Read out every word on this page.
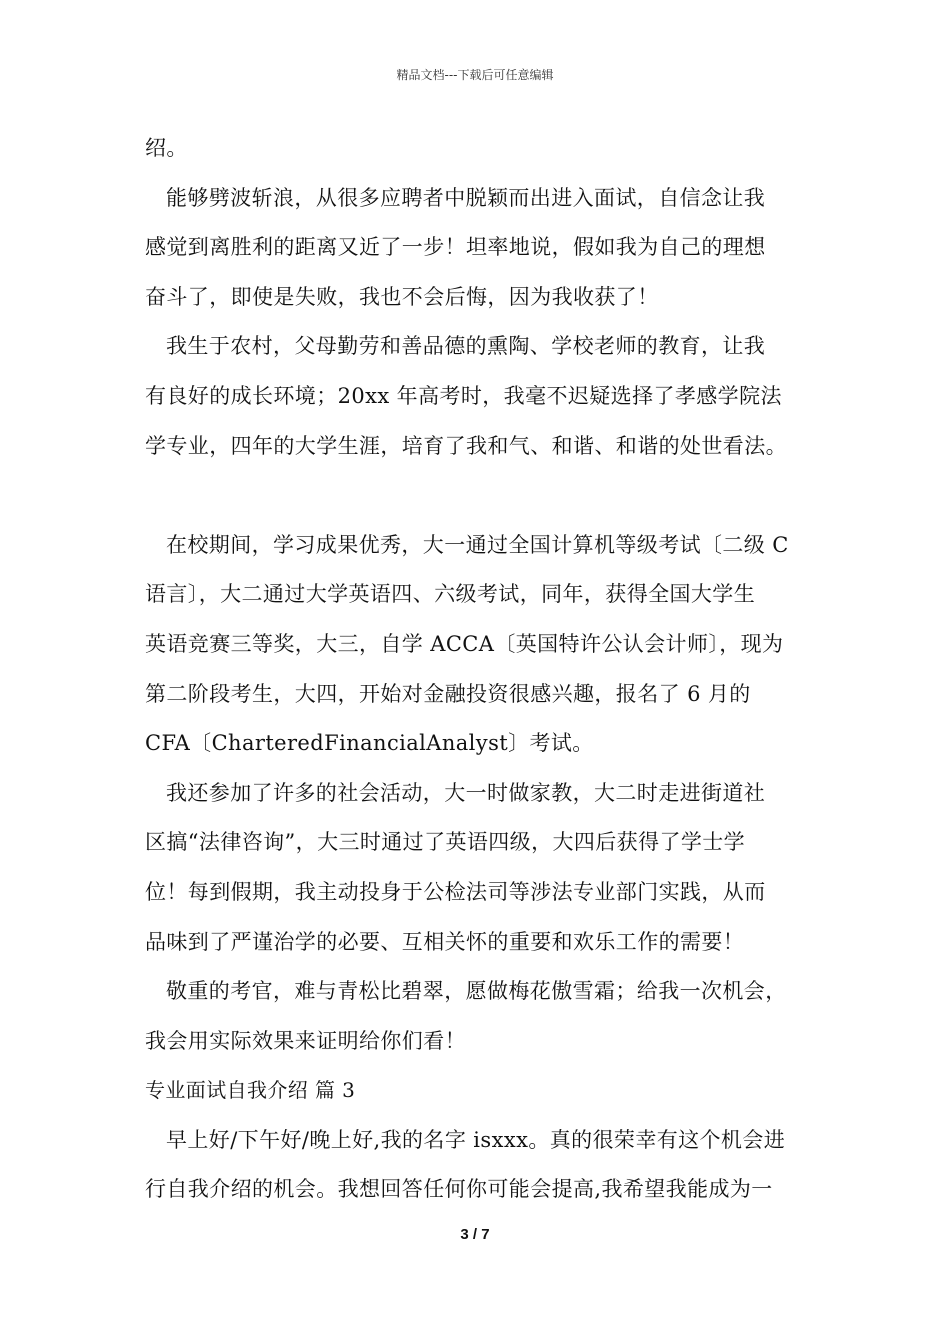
精品文档---下载后可任意编辑
绍。
能够劈波斩浪，从很多应聘者中脱颖而出进入面试，自信念让我
感觉到离胜利的距离又近了一步！坦率地说，假如我为自己的理想
奋斗了，即使是失败，我也不会后悔，因为我收获了！
我生于农村，父母勤劳和善品德的熏陶、学校老师的教育，让我
有良好的成长环境；20xx 年高考时，我毫不迟疑选择了孝感学院法
学专业，四年的大学生涯，培育了我和气、和谐、和谐的处世看法。
在校期间，学习成果优秀，大一通过全国计算机等级考试〔二级 C
语言〕，大二通过大学英语四、六级考试，同年，获得全国大学生
英语竞赛三等奖，大三，自学 ACCA〔英国特许公认会计师〕，现为
第二阶段考生，大四，开始对金融投资很感兴趣，报名了 6 月的
CFA〔CharteredFinancialAnalyst〕考试。
我还参加了许多的社会活动，大一时做家教，大二时走进街道社
区搞“法律咨询”，大三时通过了英语四级，大四后获得了学士学
位！每到假期，我主动投身于公检法司等涉法专业部门实践，从而
品味到了严谨治学的必要、互相关怀的重要和欢乐工作的需要！
敬重的考官，难与青松比碧翠，愿做梅花傲雪霜；给我一次机会，
我会用实际效果来证明给你们看！
专业面试自我介绍 篇 3
早上好/下午好/晚上好,我的名字 isxxx。真的很荣幸有这个机会进
行自我介绍的机会。我想回答任何你可能会提高,我希望我能成为一
3 / 7
